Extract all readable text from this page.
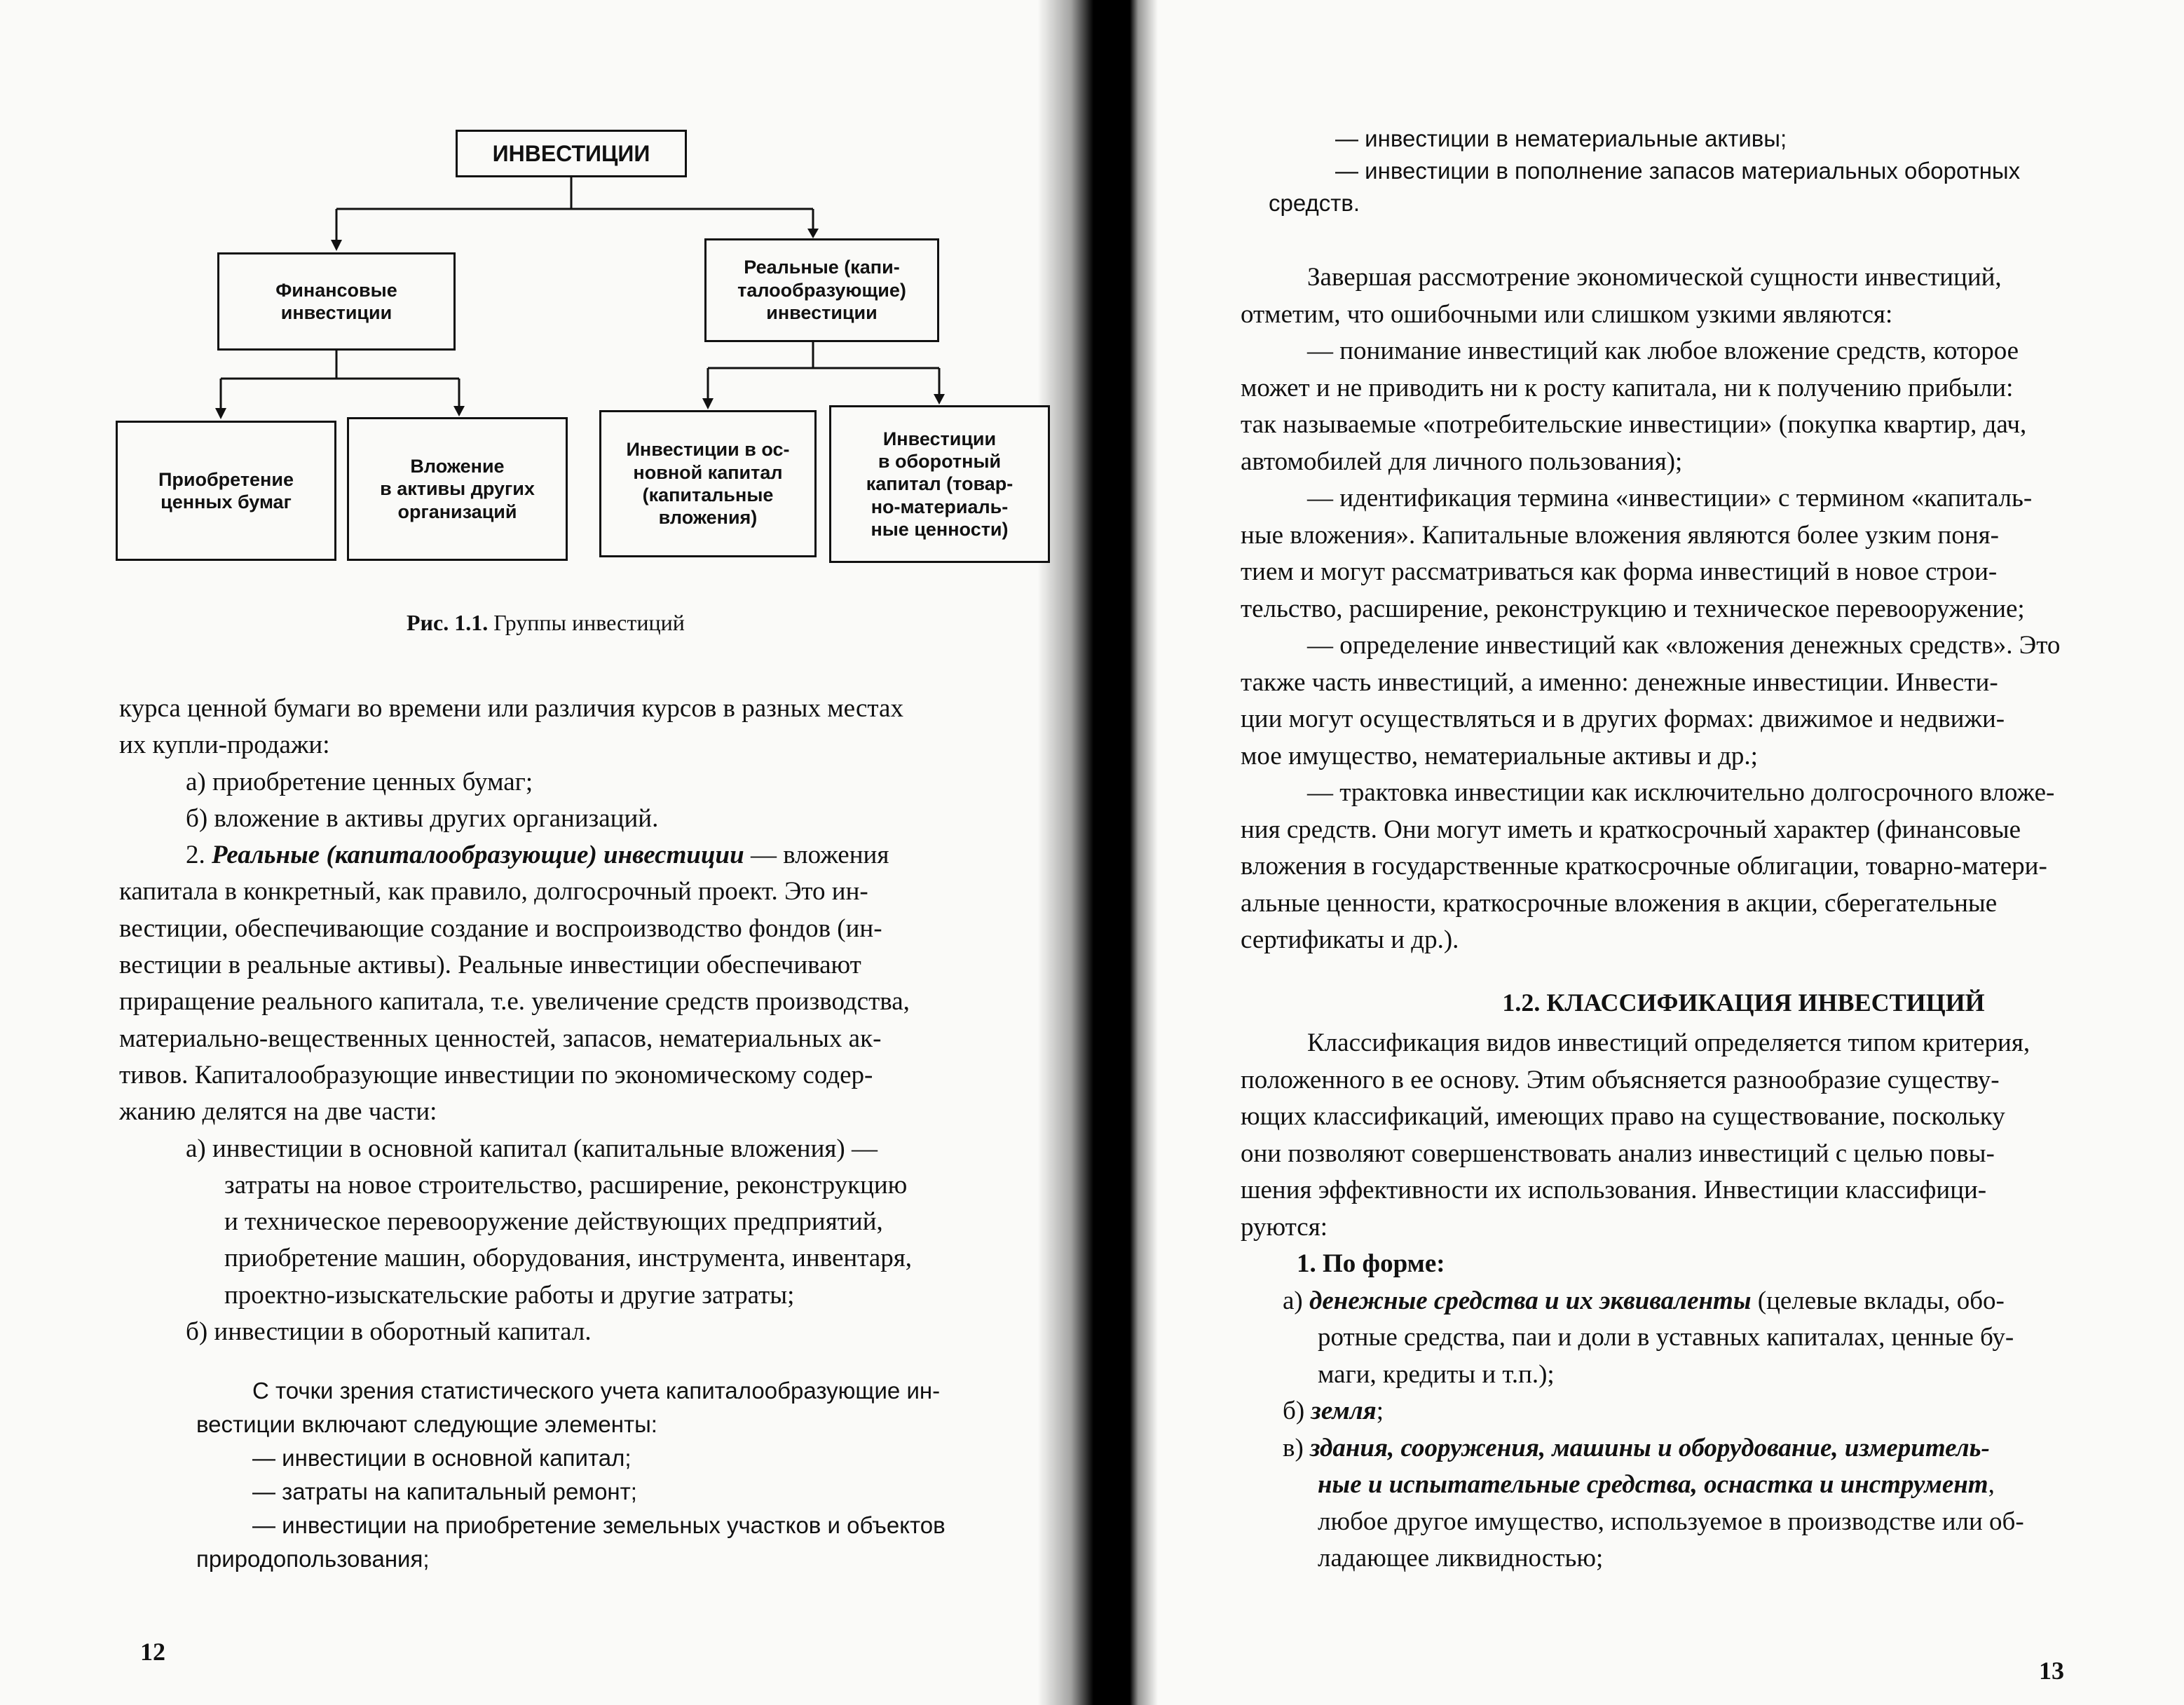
ИНВЕСТИЦИИ
Финансовые
инвестиции
Реальные (капи-
талообразующие)
инвестиции
Приобретение
ценных бумаг
Вложение
в активы других
организаций
Инвестиции в ос-
новной капитал
(капитальные
вложения)
Инвестиции
в оборотный
капитал (товар-
но-материаль-
ные ценности)
Рис. 1.1. Группы инвестиций

курса ценной бумаги во времени или различия курсов в разных местах

их купли-продажи:

а) приобретение ценных бумаг;

б) вложение в активы других организаций.

2. Реальные (капиталообразующие) инвестиции — вложения

капитала в конкретный, как правило, долгосрочный проект. Это ин-

вестиции, обеспечивающие создание и воспроизводство фондов (ин-

вестиции в реальные активы). Реальные инвестиции обеспечивают

приращение реального капитала, т.е. увеличение средств производства,

материально-вещественных ценностей, запасов, нематериальных ак-

тивов. Капиталообразующие инвестиции по экономическому содер-

жанию делятся на две части:

а) инвестиции в основной капитал (капитальные вложения) —

затраты на новое строительство, расширение, реконструкцию

и техническое перевооружение действующих предприятий,

приобретение машин, оборудования, инструмента, инвентаря,

проектно-изыскательские работы и другие затраты;

б) инвестиции в оборотный капитал.

С точки зрения статистического учета капиталообразующие ин-

вестиции включают следующие элементы:

— инвестиции в основной капитал;

— затраты на капитальный ремонт;

— инвестиции на приобретение земельных участков и объектов

природопользования;

12

— инвестиции в нематериальные активы;

— инвестиции в пополнение запасов материальных оборотных

средств.

Завершая рассмотрение экономической сущности инвестиций,

отметим, что ошибочными или слишком узкими являются:

— понимание инвестиций как любое вложение средств, которое

может и не приводить ни к росту капитала, ни к получению прибыли:

так называемые «потребительские инвестиции» (покупка квартир, дач,

автомобилей для личного пользования);

— идентификация термина «инвестиции» с термином «капиталь-

ные вложения». Капитальные вложения являются более узким поня-

тием и могут рассматриваться как форма инвестиций в новое строи-

тельство, расширение, реконструкцию и техническое перевооружение;

— определение инвестиций как «вложения денежных средств». Это

также часть инвестиций, а именно: денежные инвестиции. Инвести-

ции могут осуществляться и в других формах: движимое и недвижи-

мое имущество, нематериальные активы и др.;

— трактовка инвестиции как исключительно долгосрочного вложе-

ния средств. Они могут иметь и краткосрочный характер (финансовые

вложения в государственные краткосрочные облигации, товарно-матери-

альные ценности, краткосрочные вложения в акции, сберегательные

сертификаты и др.).

1.2. КЛАССИФИКАЦИЯ ИНВЕСТИЦИЙ

Классификация видов инвестиций определяется типом критерия,

положенного в ее основу. Этим объясняется разнообразие существу-

ющих классификаций, имеющих право на существование, поскольку

они позволяют совершенствовать анализ инвестиций с целью повы-

шения эффективности их использования. Инвестиции классифици-

руются:

1. По форме:

а) денежные средства и их эквиваленты (целевые вклады, обо-

ротные средства, паи и доли в уставных капиталах, ценные бу-

маги, кредиты и т.п.);

б) земля;

в) здания, сооружения, машины и оборудование, измеритель-

ные и испытательные средства, оснастка и инструмент,

любое другое имущество, используемое в производстве или об-

ладающее ликвидностью;

13
